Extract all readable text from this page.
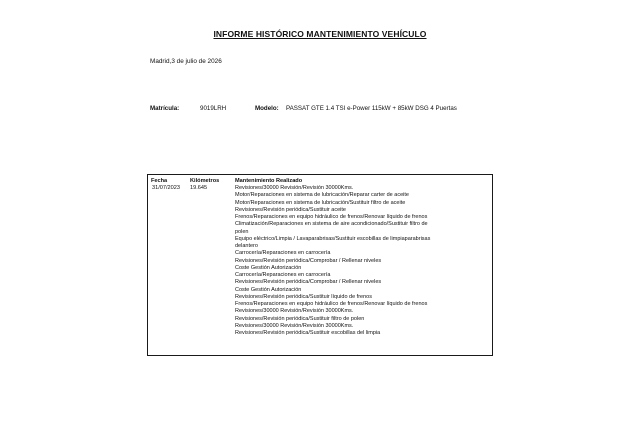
INFORME HISTÓRICO MANTENIMIENTO VEHÍCULO
Madrid,3 de julio de 2026
Matrícula:	9019LRH	Modelo: PASSAT GTE 1.4 TSI e-Power 115kW + 85kW DSG 4 Puertas
Fecha	Kilómetros	Mantenimiento Realizado
31/07/2023 19.645	Revisiones/30000 Revisión/Revisión 30000Kms.
Motor/Reparaciones en sistema de lubricación/Reparar carter de aceite
Motor/Reparaciones en sistema de lubricación/Sustituir filtro de aceite
Revisiones/Revisión periódica/Sustituir aceite
Frenos/Reparaciones en equipo hidráulico de frenos/Renovar líquido de frenos
Climatización/Reparaciones en sistema de aire acondicionado/Sustituir filtro de polen
Equipo eléctrico/Limpia / Lavaparabrisas/Sustituir escobillas de limpiaparabrisas delantero
Carrocería/Reparaciones en carrocería
Revisiones/Revisión periódica/Comprobar / Rellenar niveles
Coste Gestión Autorización
Carrocería/Reparaciones en carrocería
Revisiones/Revisión periódica/Comprobar / Rellenar niveles
Coste Gestión Autorización
Revisiones/Revisión periódica/Sustituir líquido de frenos
Frenos/Reparaciones en equipo hidráulico de frenos/Renovar líquido de frenos
Revisiones/30000 Revisión/Revisión 30000Kms.
Revisiones/Revisión periódica/Sustituir filtro de polen
Revisiones/30000 Revisión/Revisión 30000Kms.
Revisiones/Revisión periódica/Sustituir escobillas del limpia
